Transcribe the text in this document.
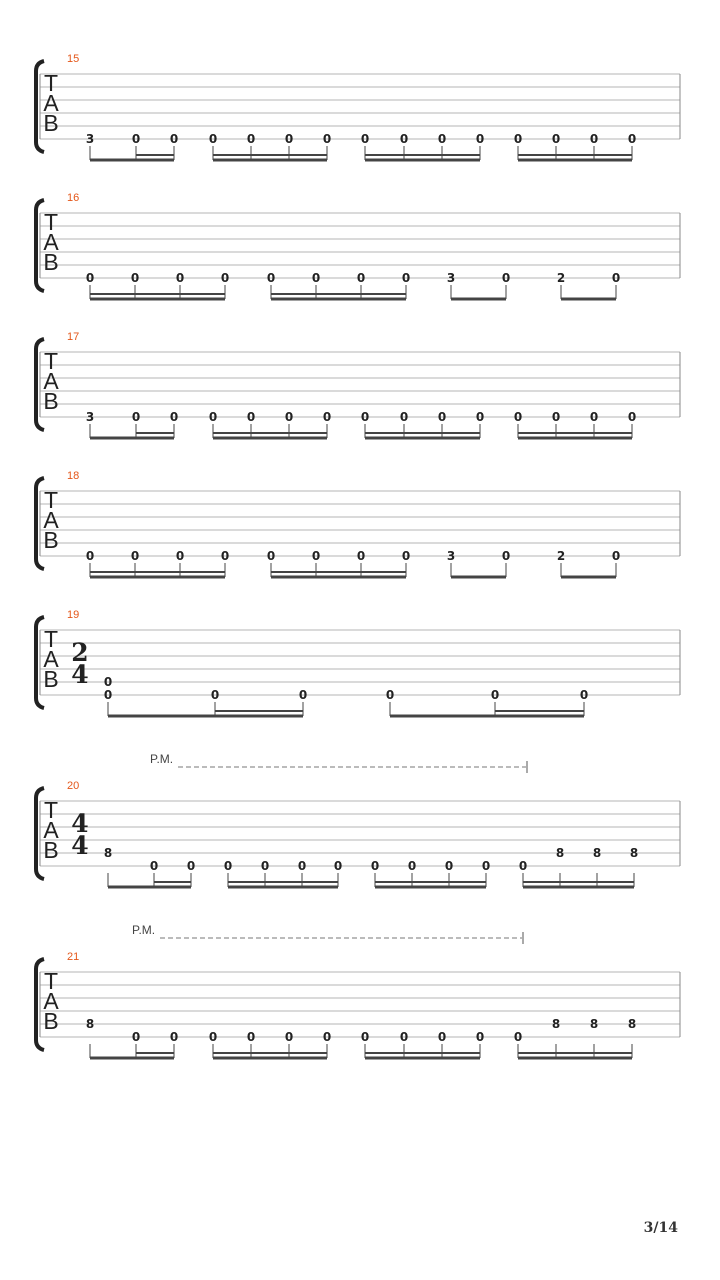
T
A
B
15
3	0 0	0 0 0 0 0	0 0 0 0 0 0 0
T
A
B
16
0	0	0	0	0	0	0	0	3	0	2	0
T
A
B
17
3	0 0	0 0 0 0 0	0 0 0 0 0 0 0
T
A
B
18
0	0	0	0	0	0	0	0	3	0	2	0
T
A
B
19
2
4 0
0	0	0	0	0	0
T
A
B
20
4
4
P.M.
8
0 0 0 0 0 0 0 0 0 0 0
8 8 8
T
A
B
21
P.M.
8
0 0	0 0 0 0 0	0 0 0 0
8 8 8
3/14
